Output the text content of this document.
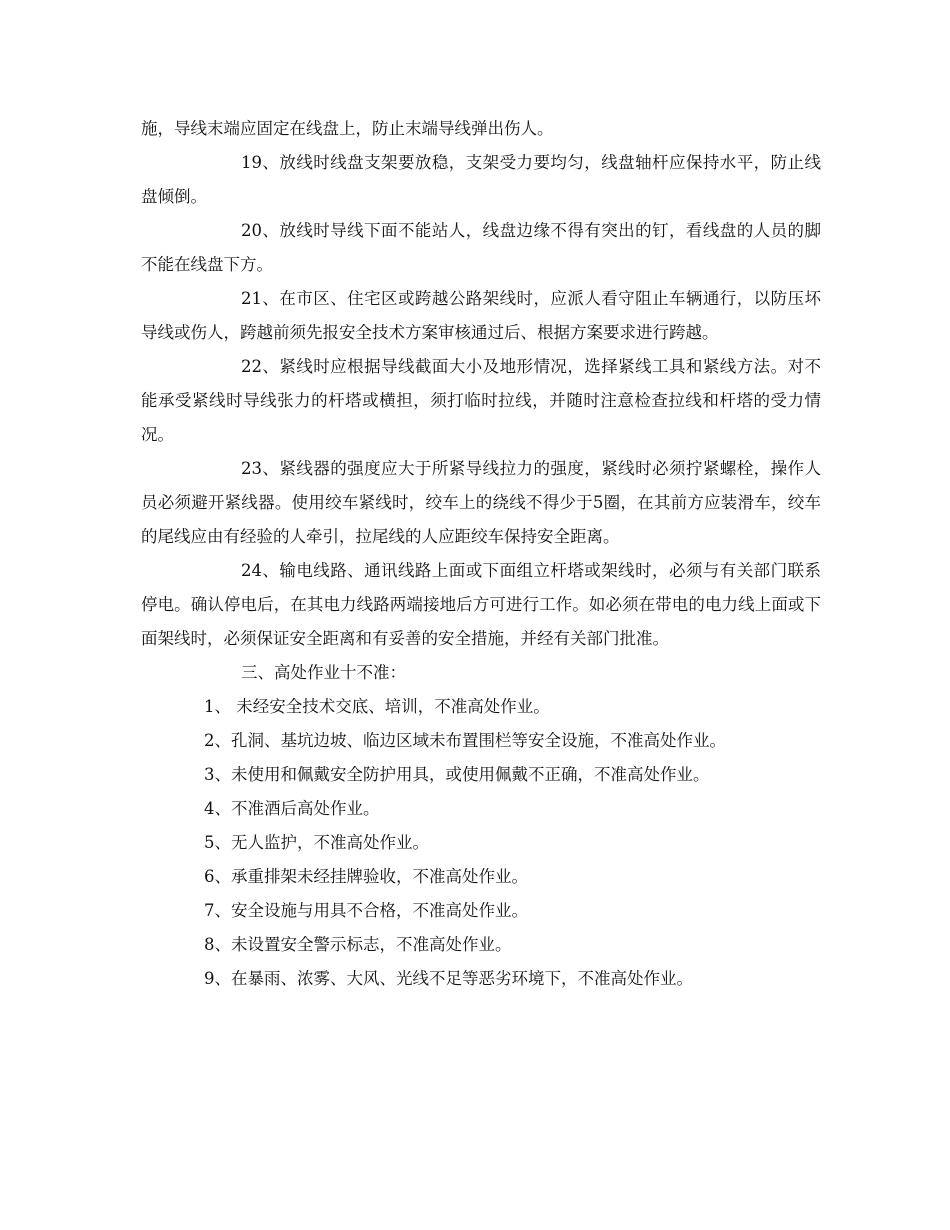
施，导线末端应固定在线盘上，防止末端导线弹出伤人。

19、放线时线盘支架要放稳，支架受力要均匀，线盘轴杆应保持水平，防止线盘倾倒。

20、放线时导线下面不能站人，线盘边缘不得有突出的钉，看线盘的人员的脚不能在线盘下方。

21、在市区、住宅区或跨越公路架线时，应派人看守阻止车辆通行，以防压坏导线或伤人，跨越前须先报安全技术方案审核通过后、根据方案要求进行跨越。

22、紧线时应根据导线截面大小及地形情况，选择紧线工具和紧线方法。对不能承受紧线时导线张力的杆塔或横担，须打临时拉线，并随时注意检查拉线和杆塔的受力情况。

23、紧线器的强度应大于所紧导线拉力的强度，紧线时必须拧紧螺栓，操作人员必须避开紧线器。使用绞车紧线时，绞车上的绕线不得少于5圈，在其前方应装滑车，绞车的尾线应由有经验的人牵引，拉尾线的人应距绞车保持安全距离。

24、输电线路、通讯线路上面或下面组立杆塔或架线时，必须与有关部门联系停电。确认停电后，在其电力线路两端接地后方可进行工作。如必须在带电的电力线上面或下面架线时，必须保证安全距离和有妥善的安全措施，并经有关部门批准。

三、高处作业十不准：

1、 未经安全技术交底、培训，不准高处作业。

2、孔洞、基坑边坡、临边区域未布置围栏等安全设施，不准高处作业。

3、未使用和佩戴安全防护用具，或使用佩戴不正确，不准高处作业。

4、不准酒后高处作业。

5、无人监护，不准高处作业。

6、承重排架未经挂牌验收，不准高处作业。

7、安全设施与用具不合格，不准高处作业。

8、未设置安全警示标志，不准高处作业。

9、在暴雨、浓雾、大风、光线不足等恶劣环境下，不准高处作业。
